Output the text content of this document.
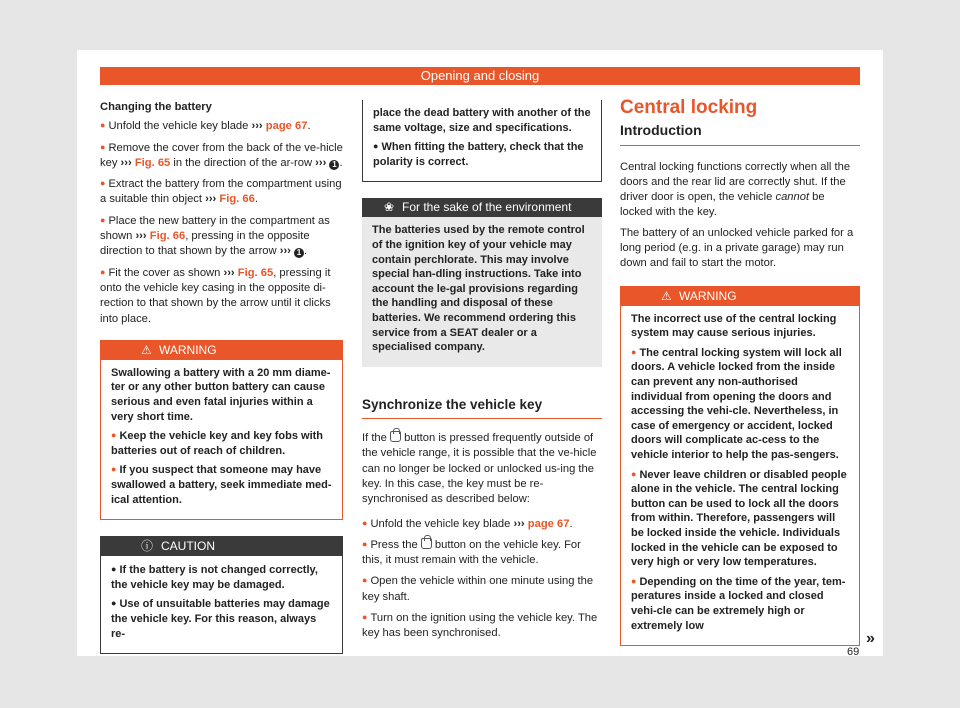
Opening and closing

Changing the battery

● Unfold the vehicle key blade ››› page 67.

● Remove the cover from the back of the ve-hicle key ››› Fig. 65 in the direction of the ar-row ››› 1 .

● Extract the battery from the compartment using a suitable thin object ››› Fig. 66.

● Place the new battery in the compartment as shown ››› Fig. 66, pressing in the opposite direction to that shown by the arrow ››› 1 .

● Fit the cover as shown ››› Fig. 65, pressing it onto the vehicle key casing in the opposite di-rection to that shown by the arrow until it clicks into place.

⚠ WARNING

Swallowing a battery with a 20 mm diame-ter or any other button battery can cause serious and even fatal injuries within a very short time.

● Keep the vehicle key and key fobs with batteries out of reach of children.

● If you suspect that someone may have swallowed a battery, seek immediate med-ical attention.

ⓘ CAUTION

● If the battery is not changed correctly, the vehicle key may be damaged.

● Use of unsuitable batteries may damage the vehicle key. For this reason, always re-

place the dead battery with another of the same voltage, size and specifications.

● When fitting the battery, check that the polarity is correct.

❀ For the sake of the environment

The batteries used by the remote control of the ignition key of your vehicle may contain perchlorate. This may involve special han-dling instructions. Take into account the le-gal provisions regarding the handling and disposal of these batteries. We recommend ordering this service from a SEAT dealer or a specialised company.

Synchronize the vehicle key

If the  button is pressed frequently outside of the vehicle range, it is possible that the ve-hicle can no longer be locked or unlocked us-ing the key. In this case, the key must be re-synchronised as described below:

● Unfold the vehicle key blade ››› page 67.

● Press the  button on the vehicle key. For this, it must remain with the vehicle.

● Open the vehicle within one minute using the key shaft.

● Turn on the ignition using the vehicle key. The key has been synchronised.

Central locking
Introduction

Central locking functions correctly when all the doors and the rear lid are correctly shut. If the driver door is open, the vehicle cannot be locked with the key.

The battery of an unlocked vehicle parked for a long period (e.g. in a private garage) may run down and fail to start the motor.

⚠ WARNING

The incorrect use of the central locking system may cause serious injuries.

● The central locking system will lock all doors. A vehicle locked from the inside can prevent any non-authorised individual from opening the doors and accessing the vehi-cle. Nevertheless, in case of emergency or accident, locked doors will complicate ac-cess to the vehicle interior to help the pas-sengers.

● Never leave children or disabled people alone in the vehicle. The central locking button can be used to lock all the doors from within. Therefore, passengers will be locked inside the vehicle. Individuals locked in the vehicle can be exposed to very high or very low temperatures.

● Depending on the time of the year, tem-peratures inside a locked and closed vehi-cle can be extremely high or extremely low

»
69
